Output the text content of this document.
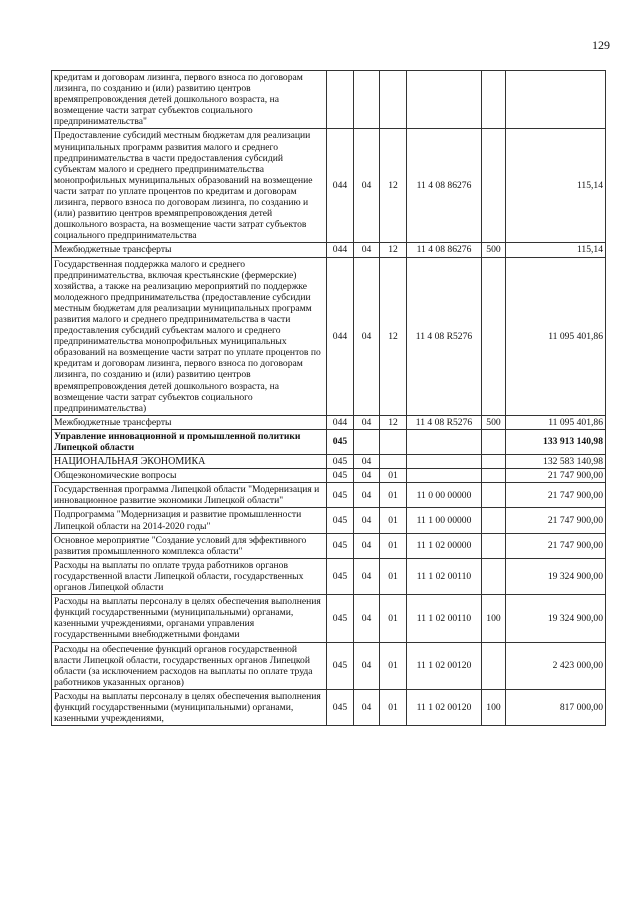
129
кредитам и договорам лизинга, первого взноса по договорам лизинга, по созданию и (или) развитию центров времяпрепровождения детей дошкольного возраста, на возмещение части затрат субъектов социального предпринимательства"						
Предоставление субсидий местным бюджетам для реализации муниципальных программ развития малого и среднего предпринимательства в части предоставления субсидий субъектам малого и среднего предпринимательства монопрофильных муниципальных образований на возмещение части затрат по уплате процентов по кредитам и договорам лизинга, первого взноса по договорам лизинга, по созданию и (или) развитию центров времяпрепровождения детей дошкольного возраста, на возмещение части затрат субъектов социального предпринимательства	044	04	12	11 4 08 86276		115,14
Межбюджетные трансферты	044	04	12	11 4 08 86276	500	115,14
Государственная поддержка малого и среднего предпринимательства, включая крестьянские (фермерские) хозяйства, а также на реализацию мероприятий по поддержке молодежного предпринимательства (предоставление субсидии местным бюджетам для реализации муниципальных программ развития малого и среднего предпринимательства в части предоставления субсидий субъектам малого и среднего предпринимательства монопрофильных муниципальных образований на возмещение части затрат по уплате процентов по кредитам и договорам лизинга, первого взноса по договорам лизинга, по созданию и (или) развитию центров времяпрепровождения детей дошкольного возраста, на возмещение части затрат субъектов социального предпринимательства)	044	04	12	11 4 08 R5276		11 095 401,86
Межбюджетные трансферты	044	04	12	11 4 08 R5276	500	11 095 401,86
Управление инновационной и промышленной политики Липецкой области	045					133 913 140,98
НАЦИОНАЛЬНАЯ ЭКОНОМИКА	045	04				132 583 140,98
Общеэкономические вопросы	045	04	01			21 747 900,00
Государственная программа Липецкой области "Модернизация и инновационное развитие экономики Липецкой области"	045	04	01	11 0 00 00000		21 747 900,00
Подпрограмма "Модернизация и развитие промышленности Липецкой области на 2014-2020 годы"	045	04	01	11 1 00 00000		21 747 900,00
Основное мероприятие "Создание условий для эффективного развития промышленного комплекса области"	045	04	01	11 1 02 00000		21 747 900,00
Расходы на выплаты по оплате труда работников органов государственной власти Липецкой области, государственных органов Липецкой области	045	04	01	11 1 02 00110		19 324 900,00
Расходы на выплаты персоналу в целях обеспечения выполнения функций государственными (муниципальными) органами, казенными учреждениями, органами управления государственными внебюджетными фондами	045	04	01	11 1 02 00110	100	19 324 900,00
Расходы на обеспечение функций органов государственной власти Липецкой области, государственных органов Липецкой области (за исключением расходов на выплаты по оплате труда работников указанных органов)	045	04	01	11 1 02 00120		2 423 000,00
Расходы на выплаты персоналу в целях обеспечения выполнения функций государственными (муниципальными) органами, казенными учреждениями,	045	04	01	11 1 02 00120	100	817 000,00
